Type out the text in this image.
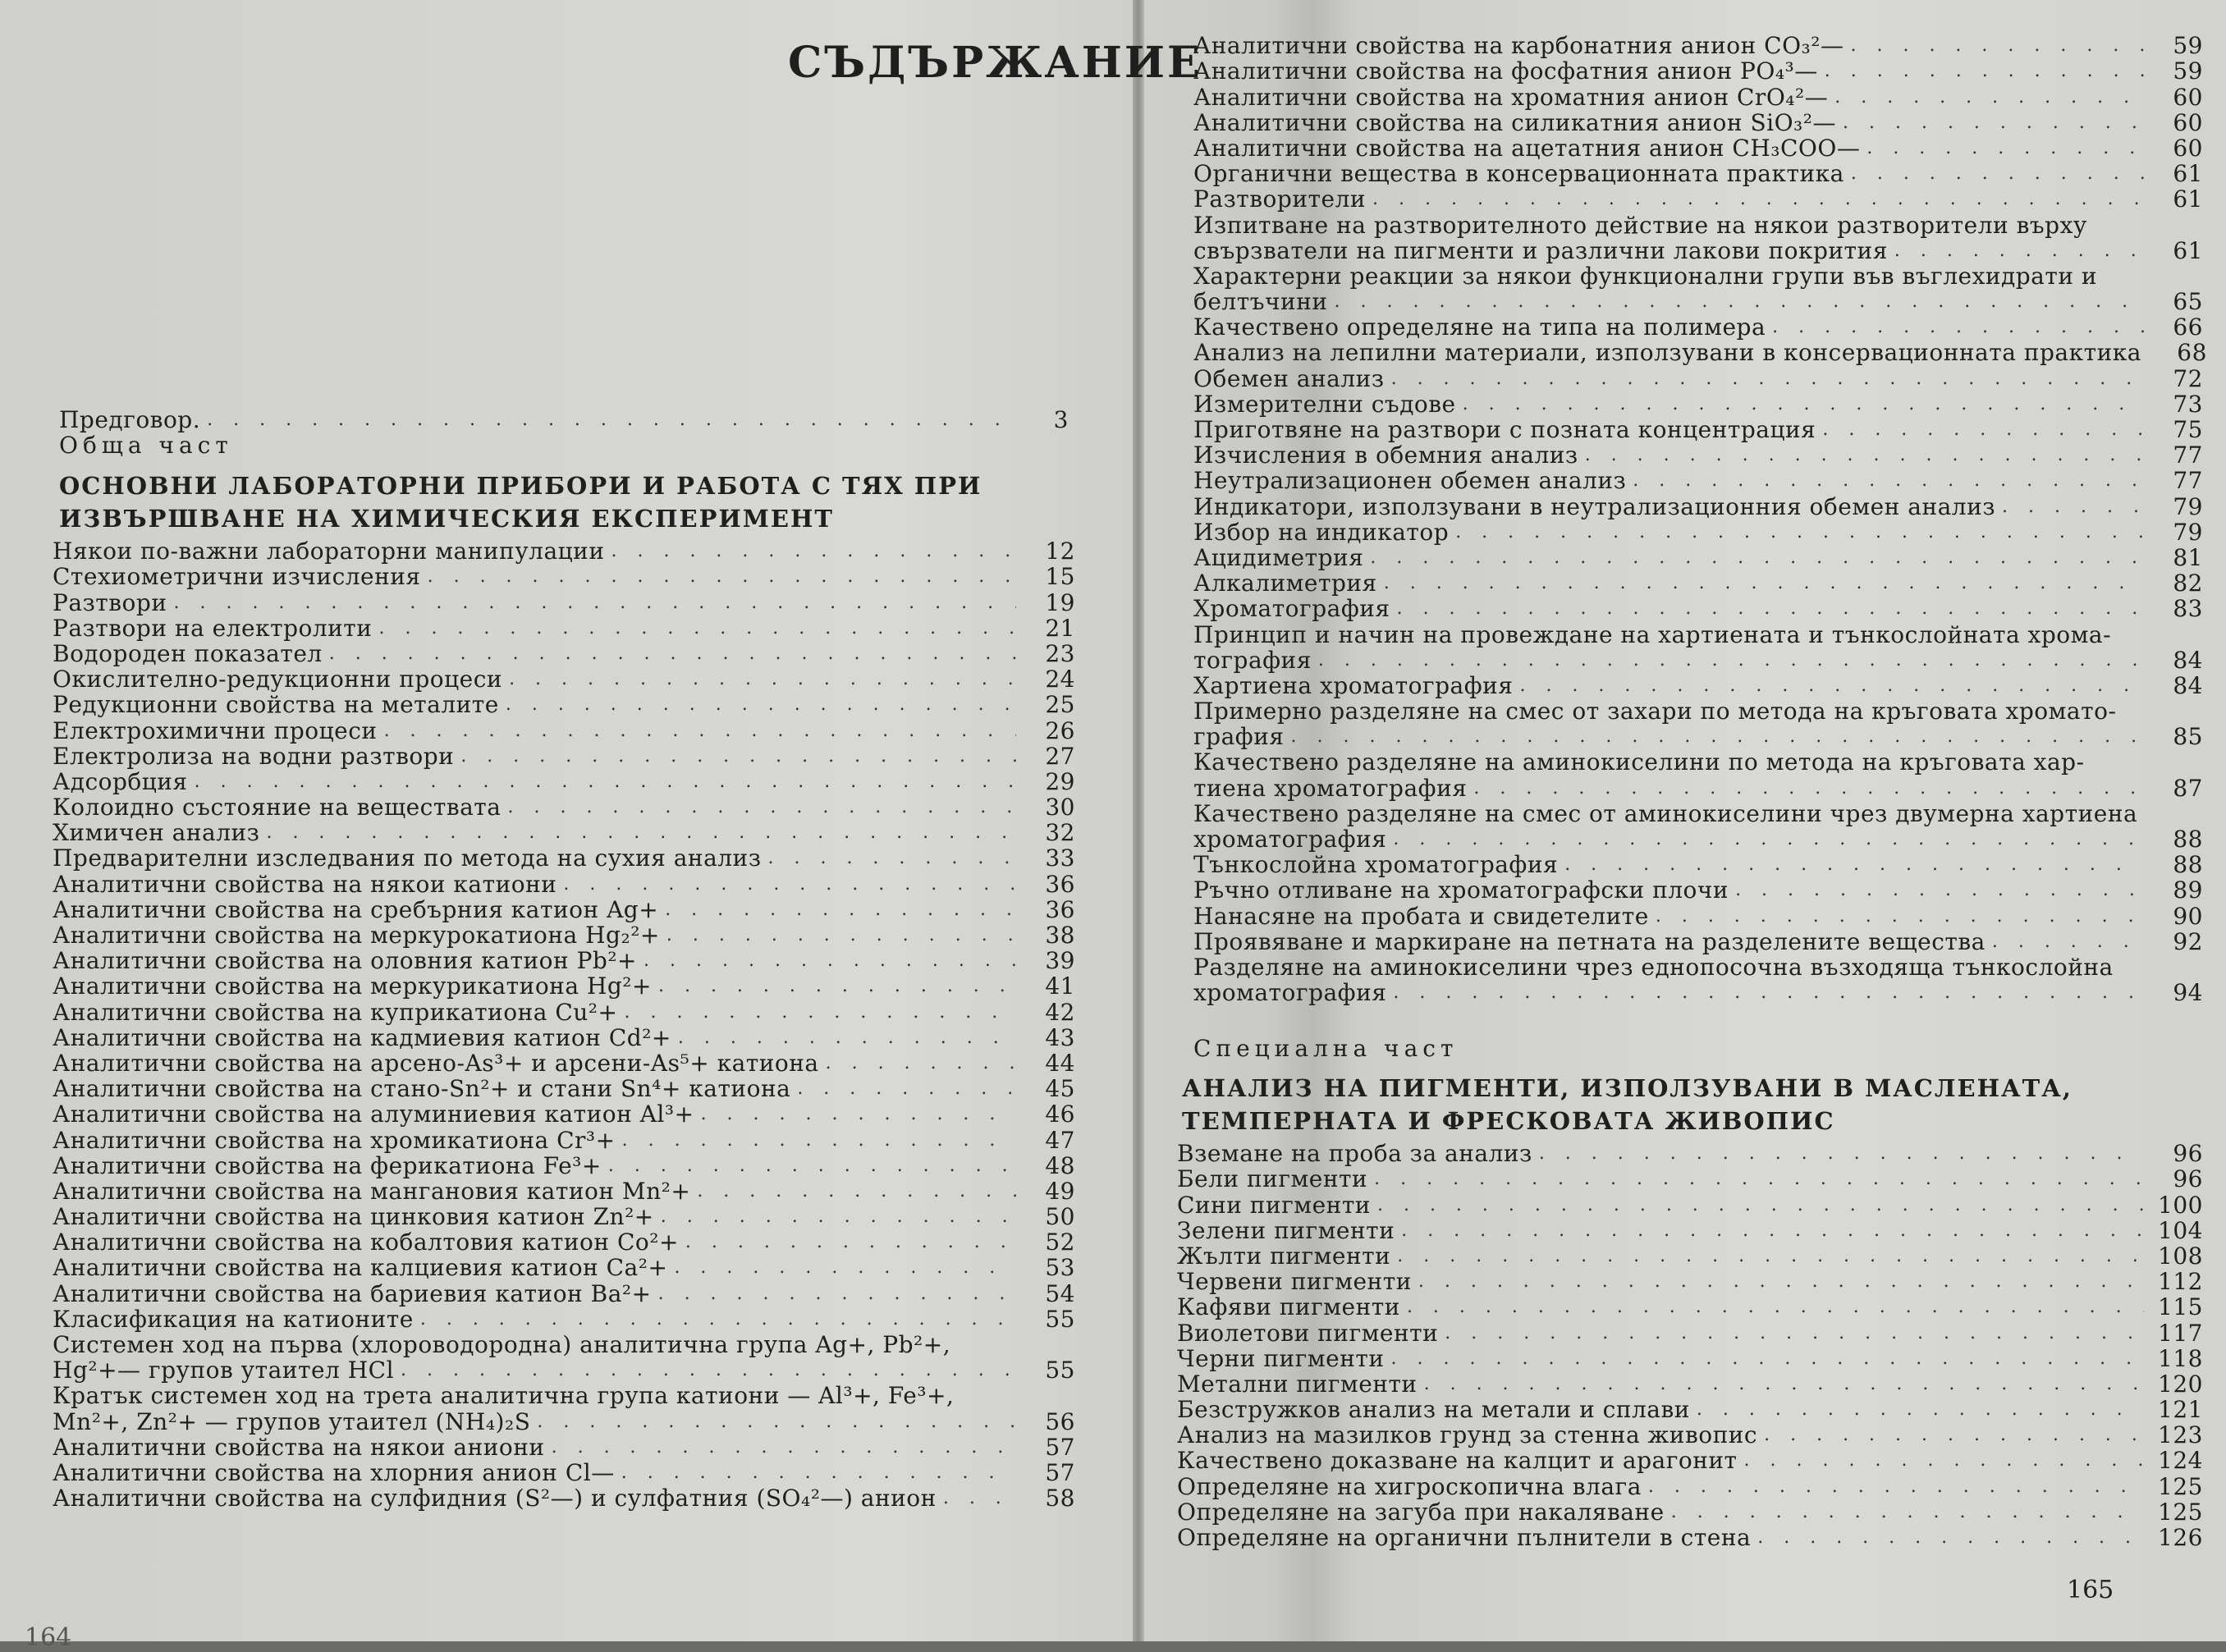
СЪДЪРЖАНИЕ
Предговор. . . .	3
Обща част
ОСНОВНИ ЛАБОРАТОРНИ ПРИБОРИ И РАБОТА С ТЯХ ПРИ
ИЗВЪРШВАНЕ НА ХИМИЧЕСКИЯ ЕКСПЕРИМЕНТ
Някои по-важни лабораторни манипулации . . .	12
Стехиометрични изчисления . . .	15
Разтвори . . .	19
Разтвори на електролити . . .	21
Водороден показател . . .	23
Окислително-редукционни процеси . . .	24
Редукционни свойства на металите . . .	25
Електрохимични процеси . . .	26
Електролиза на водни разтвори . . .	27
Адсорбция . . .	29
Колоидно състояние на веществата . . .	30
Химичен анализ . . .	32
Предварителни изследвания по метода на сухия анализ . . .	33
Аналитични свойства на някои катиони . . .	36
Аналитични свойства на сребърния катион Ag+ . . .	36
Аналитични свойства на меркурокатиона Hg₂²+ . . .	38
Аналитични свойства на оловния катион Pb²+ . . .	39
Аналитични свойства на меркурикатиона Hg²+ . . .	41
Аналитични свойства на куприкатиона Cu²+ . . .	42
Аналитични свойства на кадмиевия катион Cd²+ . . .	43
Аналитични свойства на арсено-As³+ и арсени-As⁵+ катиона . . .	44
Аналитични свойства на стано-Sn²+ и стани Sn⁴+ катиона . . .	45
Аналитични свойства на алуминиевия катион Al³+ . . .	46
Аналитични свойства на хромикатиона Cr³+ . . .	47
Аналитични свойства на ферикатиона Fe³+ . . .	48
Аналитични свойства на мангановия катион Mn²+ . . .	49
Аналитични свойства на цинковия катион Zn²+ . . .	50
Аналитични свойства на кобалтовия катион Co²+ . . .	52
Аналитични свойства на калциевия катион Ca²+ . . .	53
Аналитични свойства на бариевия катион Ba²+ . . .	54
Класификация на катионите . . .	55
Системен ход на първа (хлороводородна) аналитична група Ag+, Pb²+,
Hg²+— групов утаител HCl . . .	55
Кратък системен ход на трета аналитична група катиони — Al³+, Fe³+,
Mn²+, Zn²+ — групов утаител (NH₄)₂S . . .	56
Аналитични свойства на някои аниони . . .	57
Аналитични свойства на хлорния анион Cl— . . .	57
Аналитични свойства на сулфидния (S²—) и сулфатния (SO₄²—) анион . . .	58
164
Аналитични свойства на карбонатния анион CO₃²— . . .	59
Аналитични свойства на фосфатния анион PO₄³— . . .	59
Аналитични свойства на хроматния анион CrO₄²— . . .	60
Аналитични свойства на силикатния анион SiO₃²— . . .	60
Аналитични свойства на ацетатния анион CH₃COO— . . .	60
Органични вещества в консервационната практика . . .	61
Разтворители . . .	61
Изпитване на разтворителното действие на някои разтворители върху
свързватели на пигменти и различни лакови покрития . . .	61
Характерни реакции за някои функционални групи във въглехидрати и
белтъчини . . .	65
Качествено определяне на типа на полимера . . .	66
Анализ на лепилни материали, използувани в консервационната практика	68
Обемен анализ . . .	72
Измерителни съдове . . .	73
Приготвяне на разтвори с позната концентрация . . .	75
Изчисления в обемния анализ . . .	77
Неутрализационен обемен анализ . . .	77
Индикатори, използувани в неутрализационния обемен анализ . . .	79
Избор на индикатор . . .	79
Ацидиметрия . . .	81
Алкалиметрия . . .	82
Хроматография . . .	83
Принцип и начин на провеждане на хартиената и тънкослойната хрома-
тография . . .	84
Хартиена хроматография . . .	84
Примерно разделяне на смес от захари по метода на кръговата хромато-
графия . . .	85
Качествено разделяне на аминокиселини по метода на кръговата хар-
тиена хроматография . . .	87
Качествено разделяне на смес от аминокиселини чрез двумерна хартиена
хроматография . . .	88
Тънкослойна хроматография . . .	88
Ръчно отливане на хроматографски плочи . . .	89
Нанасяне на пробата и свидетелите . . .	90
Проявяване и маркиране на петната на разделените вещества . . .	92
Разделяне на аминокиселини чрез еднопосочна възходяща тънкослойна
хроматография . . .	94
Специална част
АНАЛИЗ НА ПИГМЕНТИ, ИЗПОЛЗУВАНИ В МАСЛЕНАТА,
ТЕМПЕРНАТА И ФРЕСКОВАТА ЖИВОПИС
Вземане на проба за анализ . . .	96
Бели пигменти . . .	96
Сини пигменти . . .	100
Зелени пигменти . . .	104
Жълти пигменти . . .	108
Червени пигменти . . .	112
Кафяви пигменти . . .	115
Виолетови пигменти . . .	117
Черни пигменти . . .	118
Метални пигменти . . .	120
Безстружков анализ на метали и сплави . . .	121
Анализ на мазилков грунд за стенна живопис . . .	123
Качествено доказване на калцит и арагонит . . .	124
Определяне на хигроскопична влага . . .	125
Определяне на загуба при накаляване . . .	125
Определяне на органични пълнители в стена . . .	126
165
